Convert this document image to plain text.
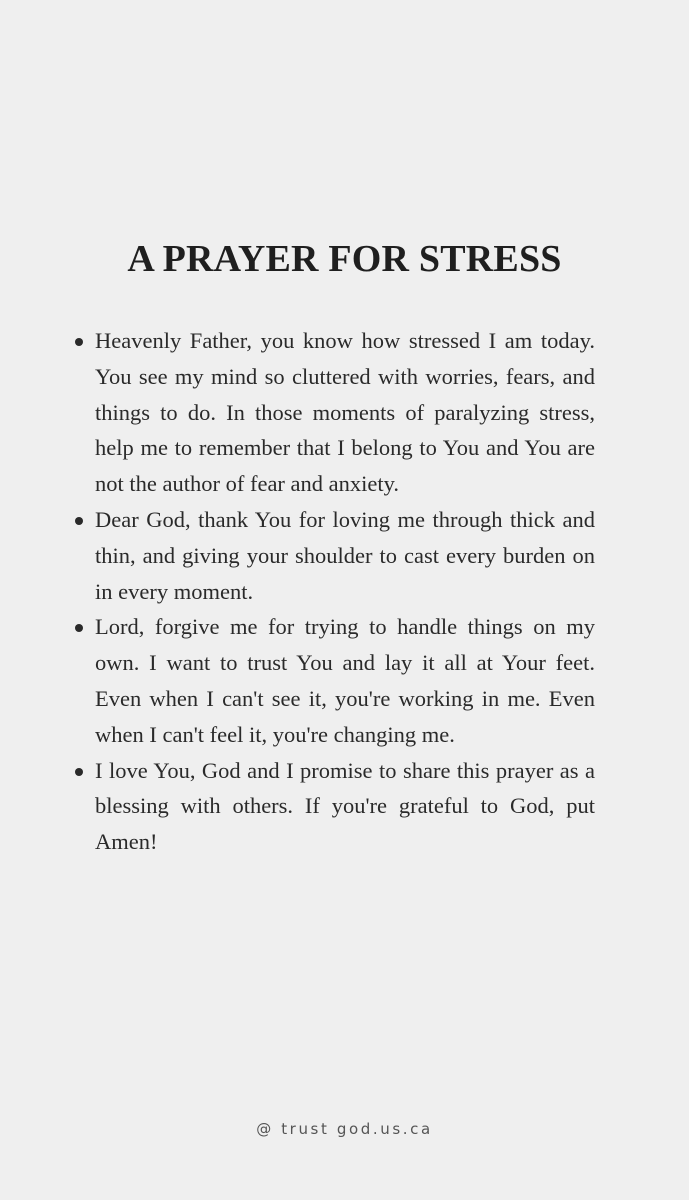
A PRAYER FOR STRESS
Heavenly Father, you know how stressed I am today. You see my mind so cluttered with worries, fears, and things to do. In those moments of paralyzing stress, help me to remember that I belong to You and You are not the author of fear and anxiety.
Dear God, thank You for loving me through thick and thin, and giving your shoulder to cast every burden on in every moment.
Lord, forgive me for trying to handle things on my own. I want to trust You and lay it all at Your feet. Even when I can't see it, you're working in me. Even when I can't feel it, you're changing me.
I love You, God and I promise to share this prayer as a blessing with others. If you're grateful to God, put Amen!
@ trust god.us.ca
